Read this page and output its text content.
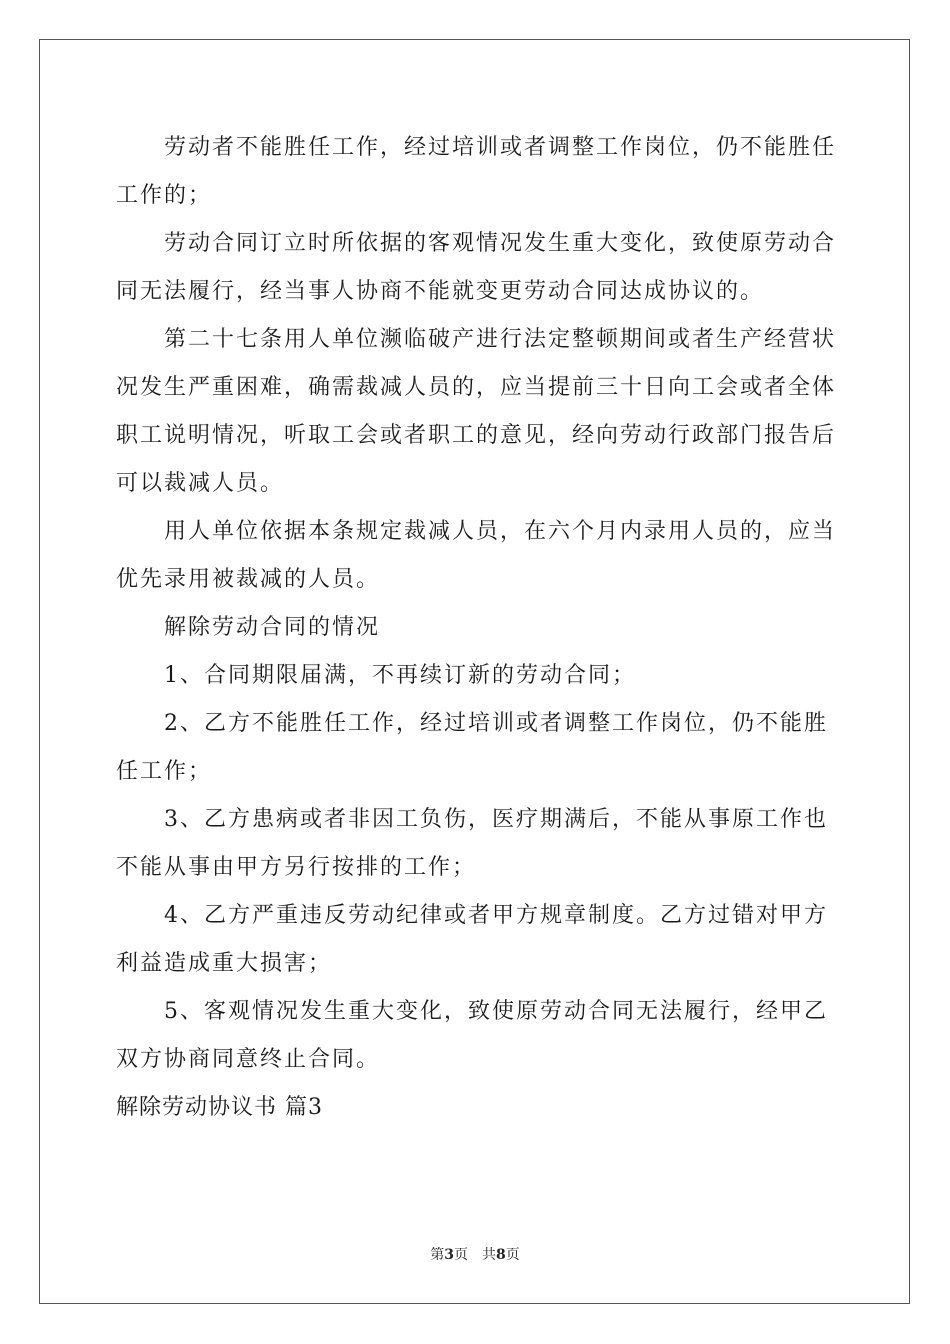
劳动者不能胜任工作，经过培训或者调整工作岗位，仍不能胜任工作的；

劳动合同订立时所依据的客观情况发生重大变化，致使原劳动合同无法履行，经当事人协商不能就变更劳动合同达成协议的。

第二十七条用人单位濒临破产进行法定整顿期间或者生产经营状况发生严重困难，确需裁减人员的，应当提前三十日向工会或者全体职工说明情况，听取工会或者职工的意见，经向劳动行政部门报告后可以裁减人员。

用人单位依据本条规定裁减人员，在六个月内录用人员的，应当优先录用被裁减的人员。

解除劳动合同的情况

1、合同期限届满，不再续订新的劳动合同；

2、乙方不能胜任工作，经过培训或者调整工作岗位，仍不能胜任工作；

3、乙方患病或者非因工负伤，医疗期满后，不能从事原工作也不能从事由甲方另行按排的工作；

4、乙方严重违反劳动纪律或者甲方规章制度。乙方过错对甲方利益造成重大损害；

5、客观情况发生重大变化，致使原劳动合同无法履行，经甲乙双方协商同意终止合同。

解除劳动协议书 篇3

第3页 共8页
